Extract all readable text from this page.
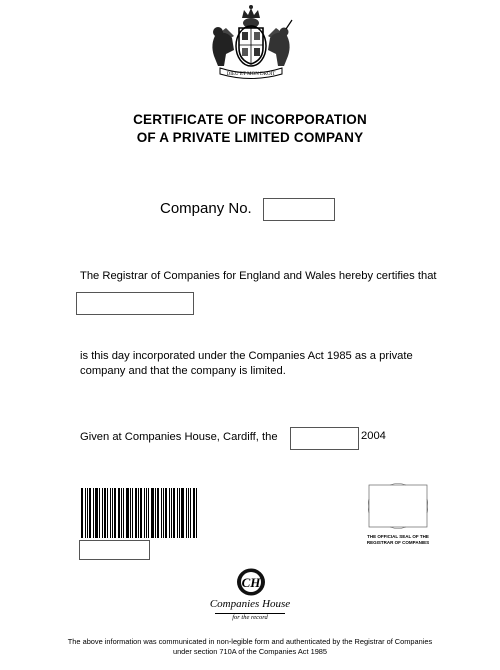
DIEU ET MON DROIT
CERTIFICATE OF INCORPORATION
OF A PRIVATE LIMITED COMPANY
Company No.
The Registrar of Companies for England and Wales hereby certifies that
is this day incorporated under the Companies Act 1985 as a private company and that the company is limited.
Given at Companies House, Cardiff, the	2004
THE OFFICIAL SEAL OF THE REGISTRAR OF COMPANIES
CH
Companies House
for the record
The above information was communicated in non-legible form and authenticated by the Registrar of Companies under section 710A of the Companies Act 1985
